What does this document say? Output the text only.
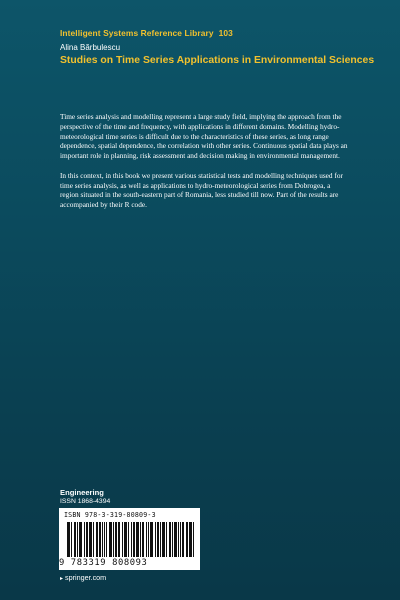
Intelligent Systems Reference Library 103
Alina Bărbulescu
Studies on Time Series Applications in Environmental Sciences

Time series analysis and modelling represent a large study field, implying the approach from the perspective of the time and frequency, with applications in different domains. Modelling hydro-meteorological time series is difficult due to the characteristics of these series, as long range dependence, spatial dependence, the correlation with other series. Continuous spatial data plays an important role in planning, risk assessment and decision making in environmental management.

In this context, in this book we present various statistical tests and modelling techniques used for time series analysis, as well as applications to hydro-meteorological series from Dobrogea, a region situated in the south-eastern part of Romania, less studied till now. Part of the results are accompanied by their R code.

Engineering
ISSN 1868-4394
ISBN 978-3-319-80809-3
9 783319 808093
▸ springer.com
